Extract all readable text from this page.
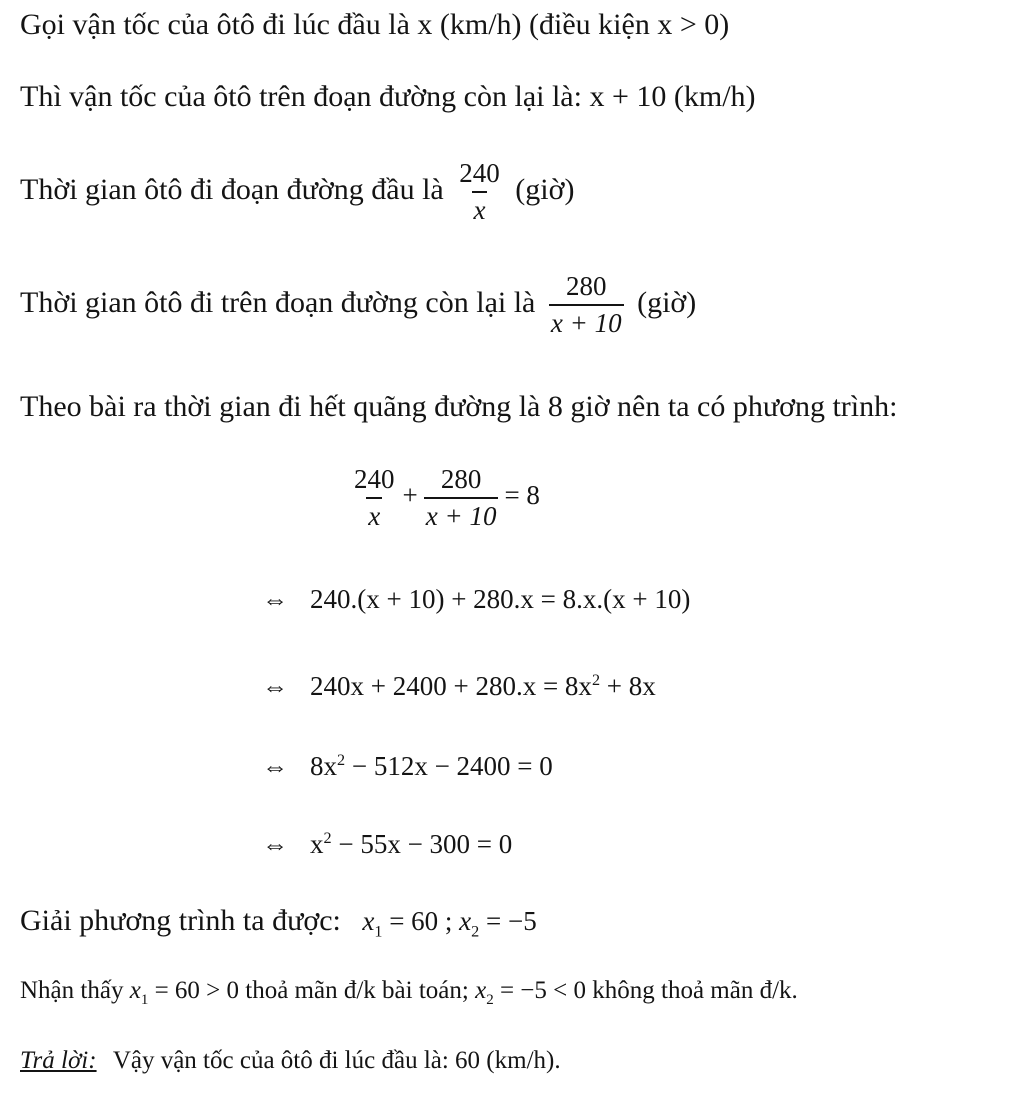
Gọi vận tốc của ôtô đi lúc đầu là x (km/h) (điều kiện x > 0)
Thì vận tốc của ôtô trên đoạn đường còn lại là: x + 10 (km/h)
Thời gian ôtô đi đoạn đường đầu là $\frac{240}{x}$ (giờ)
Thời gian ôtô đi trên đoạn đường còn lại là $\frac{280}{x + 10}$ (giờ)
Theo bài ra thời gian đi hết quãng đường là 8 giờ nên ta có phương trình:
$\frac{240}{x} + \frac{280}{x + 10} = 8$
⇔ 240.(x + 10) + 280.x = 8.x.(x + 10)
⇔ $240x + 2400 + 280.x = 8x^2 + 8x$
⇔ $8x^2 - 512x - 2400 = 0$
⇔ $x^2 - 55x - 300 = 0$
Giải phương trình ta được: $x_1 = 60$ ; $x_2 = -5$
Nhận thấy $x_1 = 60 > 0$ thoả mãn đ/k bài toán; $x_2 = -5 < 0$ không thoả mãn đ/k.
Trả lời: Vậy vận tốc của ôtô đi lúc đầu là: 60 (km/h).
